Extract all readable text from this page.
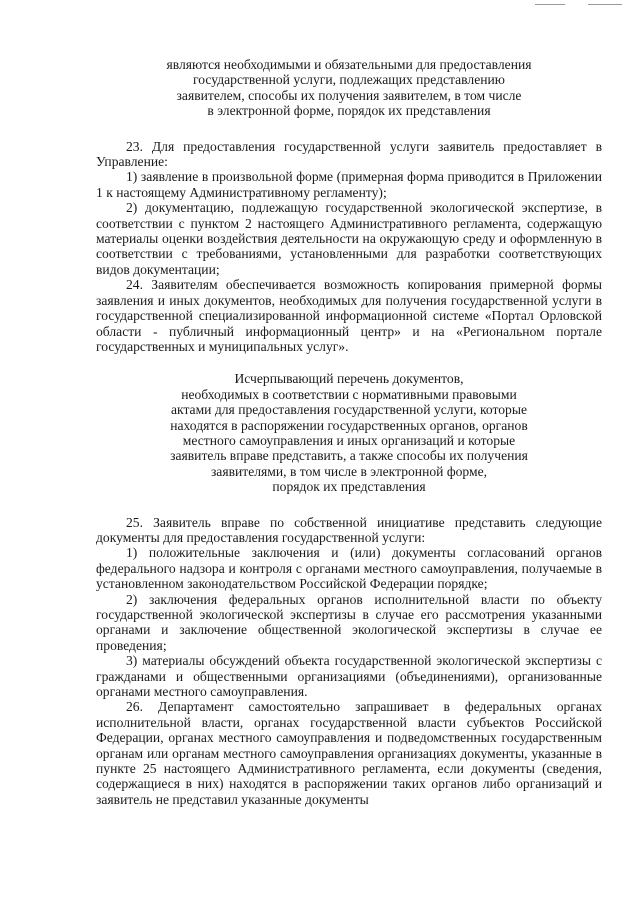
являются необходимыми и обязательными для предоставления
государственной услуги, подлежащих представлению
заявителем, способы их получения заявителем, в том числе
в электронной форме, порядок их представления

23. Для предоставления государственной услуги заявитель предоставляет в Управление:

1) заявление в произвольной форме (примерная форма приводится в Приложении 1 к настоящему Административному регламенту);

2) документацию, подлежащую государственной экологической экспертизе, в соответствии с пунктом 2 настоящего Административного регламента, содержащую материалы оценки воздействия деятельности на окружающую среду и оформленную в соответствии с требованиями, установленными для разработки соответствующих видов документации;

24. Заявителям обеспечивается возможность копирования примерной формы заявления и иных документов, необходимых для получения государственной услуги в государственной специализированной информационной системе «Портал Орловской области - публичный информационный центр» и на «Региональном портале государственных и муниципальных услуг».

Исчерпывающий перечень документов,
необходимых в соответствии с нормативными правовыми
актами для предоставления государственной услуги, которые
находятся в распоряжении государственных органов, органов
местного самоуправления и иных организаций и которые
заявитель вправе представить, а также способы их получения
заявителями, в том числе в электронной форме,
порядок их представления

25. Заявитель вправе по собственной инициативе представить следующие документы для предоставления государственной услуги:

1) положительные заключения и (или) документы согласований органов федерального надзора и контроля с органами местного самоуправления, получаемые в установленном законодательством Российской Федерации порядке;

2) заключения федеральных органов исполнительной власти по объекту государственной экологической экспертизы в случае его рассмотрения указанными органами и заключение общественной экологической экспертизы в случае ее проведения;

3) материалы обсуждений объекта государственной экологической экспертизы с гражданами и общественными организациями (объединениями), организованные органами местного самоуправления.

26. Департамент самостоятельно запрашивает в федеральных органах исполнительной власти, органах государственной власти субъектов Российской Федерации, органах местного самоуправления и подведомственных государственным органам или органам местного самоуправления организациях документы, указанные в пункте 25 настоящего Административного регламента, если документы (сведения, содержащиеся в них) находятся в распоряжении таких органов либо организаций и заявитель не представил указанные документы
